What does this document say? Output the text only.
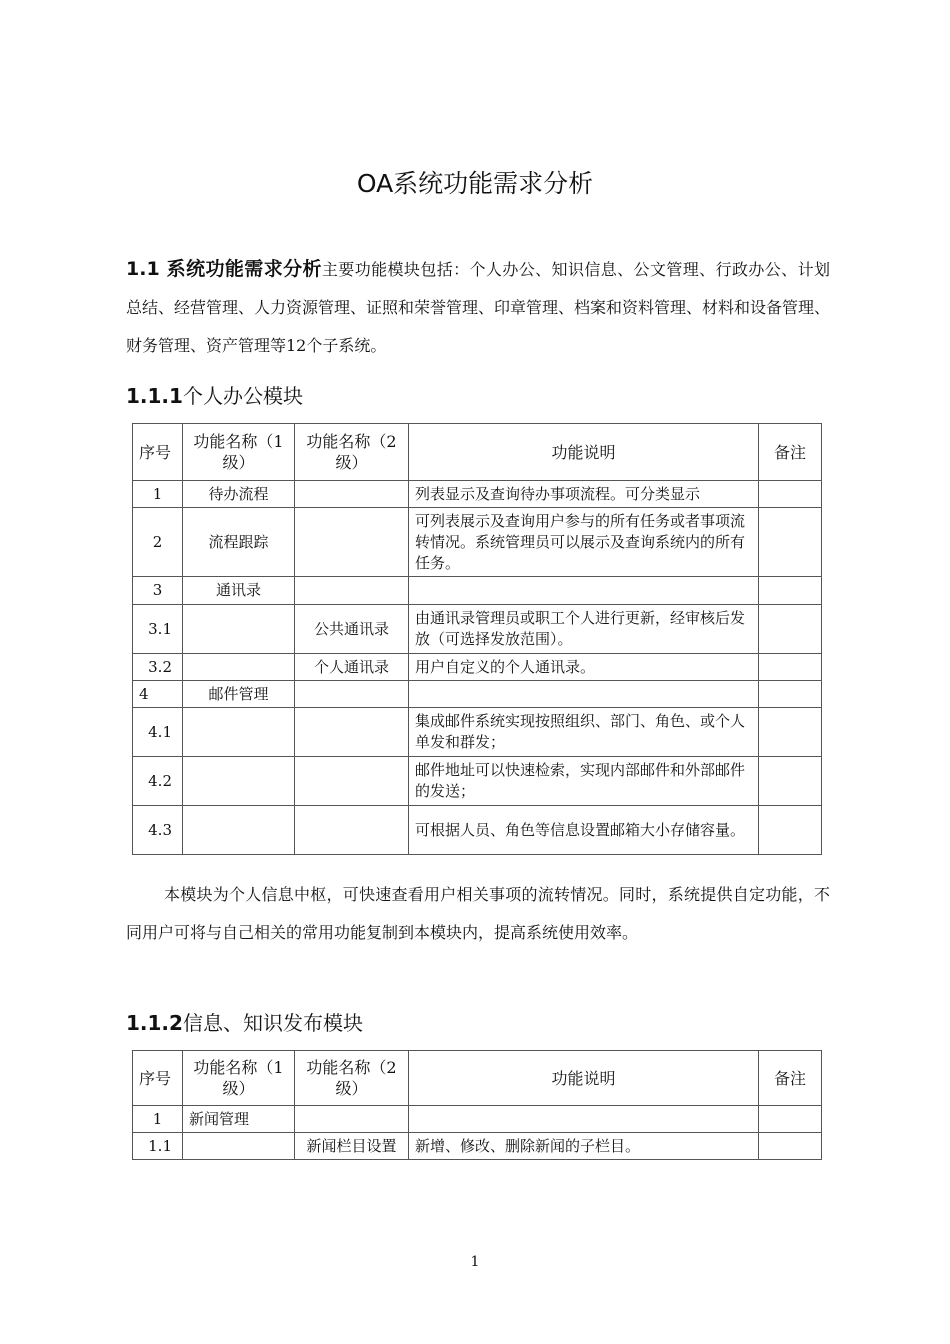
OA系统功能需求分析
1.1 系统功能需求分析主要功能模块包括：个人办公、知识信息、公文管理、行政办公、计划总结、经营管理、人力资源管理、证照和荣誉管理、印章管理、档案和资料管理、材料和设备管理、财务管理、资产管理等12个子系统。
1.1.1个人办公模块
序号	功能名称（1级）	功能名称（2级）	功能说明	备注
1	待办流程		列表显示及查询待办事项流程。可分类显示	

2	流程跟踪		可列表展示及查询用户参与的所有任务或者事项流转情况。系统管理员可以展示及查询系统内的所有任务。	
3	通讯录			
3.1		公共通讯录	由通讯录管理员或职工个人进行更新，经审核后发放（可选择发放范围）。	
3.2		个人通讯录	用户自定义的个人通讯录。	
4	邮件管理			
4.1			集成邮件系统实现按照组织、部门、角色、或个人单发和群发；	
4.2			邮件地址可以快速检索，实现内部邮件和外部邮件的发送；	
4.3			可根据人员、角色等信息设置邮箱大小存储容量。	
本模块为个人信息中枢，可快速查看用户相关事项的流转情况。同时，系统提供自定功能，不同用户可将与自己相关的常用功能复制到本模块内，提高系统使用效率。
1.1.2信息、知识发布模块
序号	功能名称（1级）	功能名称（2级）	功能说明	备注
1	新闻管理			
1.1		新闻栏目设置	新增、修改、删除新闻的子栏目。	
1
